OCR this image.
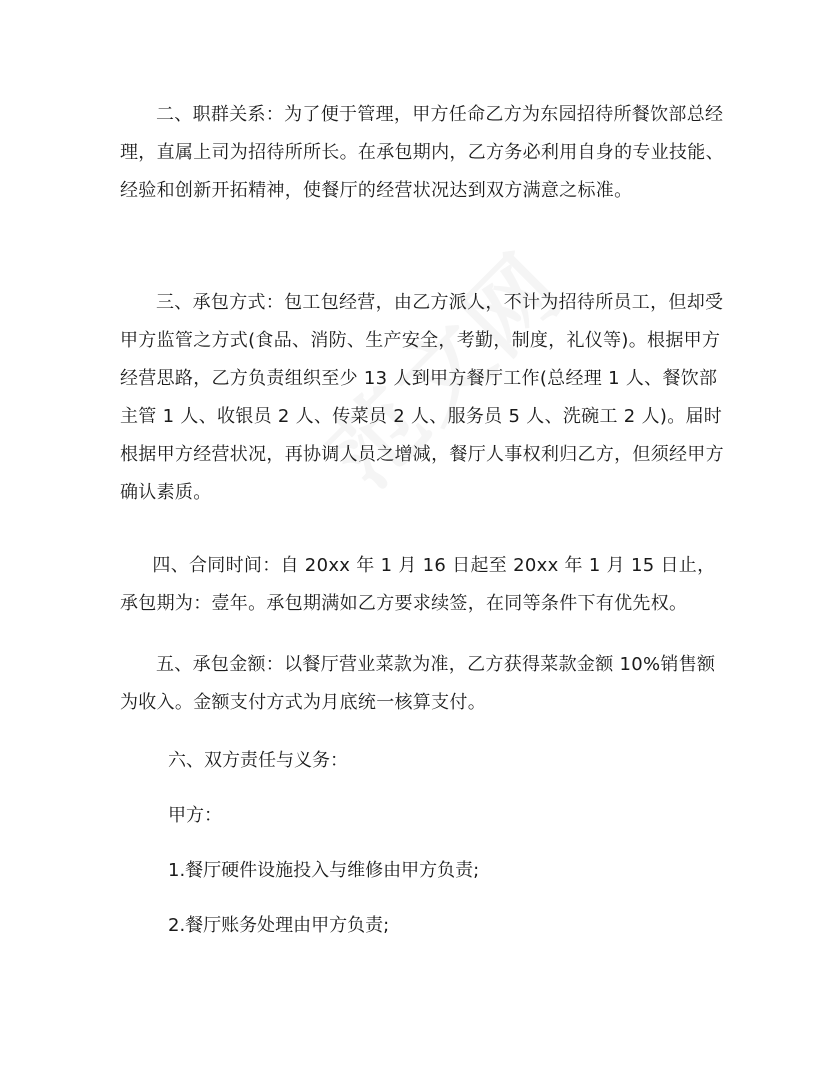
二、职群关系：为了便于管理，甲方任命乙方为东园招待所餐饮部总经理，直属上司为招待所所长。在承包期内，乙方务必利用自身的专业技能、经验和创新开拓精神，使餐厅的经营状况达到双方满意之标准。

三、承包方式：包工包经营，由乙方派人，不计为招待所员工，但却受甲方监管之方式(食品、消防、生产安全，考勤，制度，礼仪等)。根据甲方经营思路，乙方负责组织至少 13 人到甲方餐厅工作(总经理 1 人、餐饮部主管 1 人、收银员 2 人、传菜员 2 人、服务员 5 人、洗碗工 2 人)。届时根据甲方经营状况，再协调人员之增减，餐厅人事权利归乙方，但须经甲方确认素质。

四、合同时间：自 20xx 年 1 月 16 日起至 20xx 年 1 月 15 日止，承包期为：壹年。承包期满如乙方要求续签，在同等条件下有优先权。

五、承包金额：以餐厅营业菜款为准，乙方获得菜款金额 10%销售额为收入。金额支付方式为月底统一核算支付。

六、双方责任与义务：

甲方：

1.餐厅硬件设施投入与维修由甲方负责;

2.餐厅账务处理由甲方负责;
